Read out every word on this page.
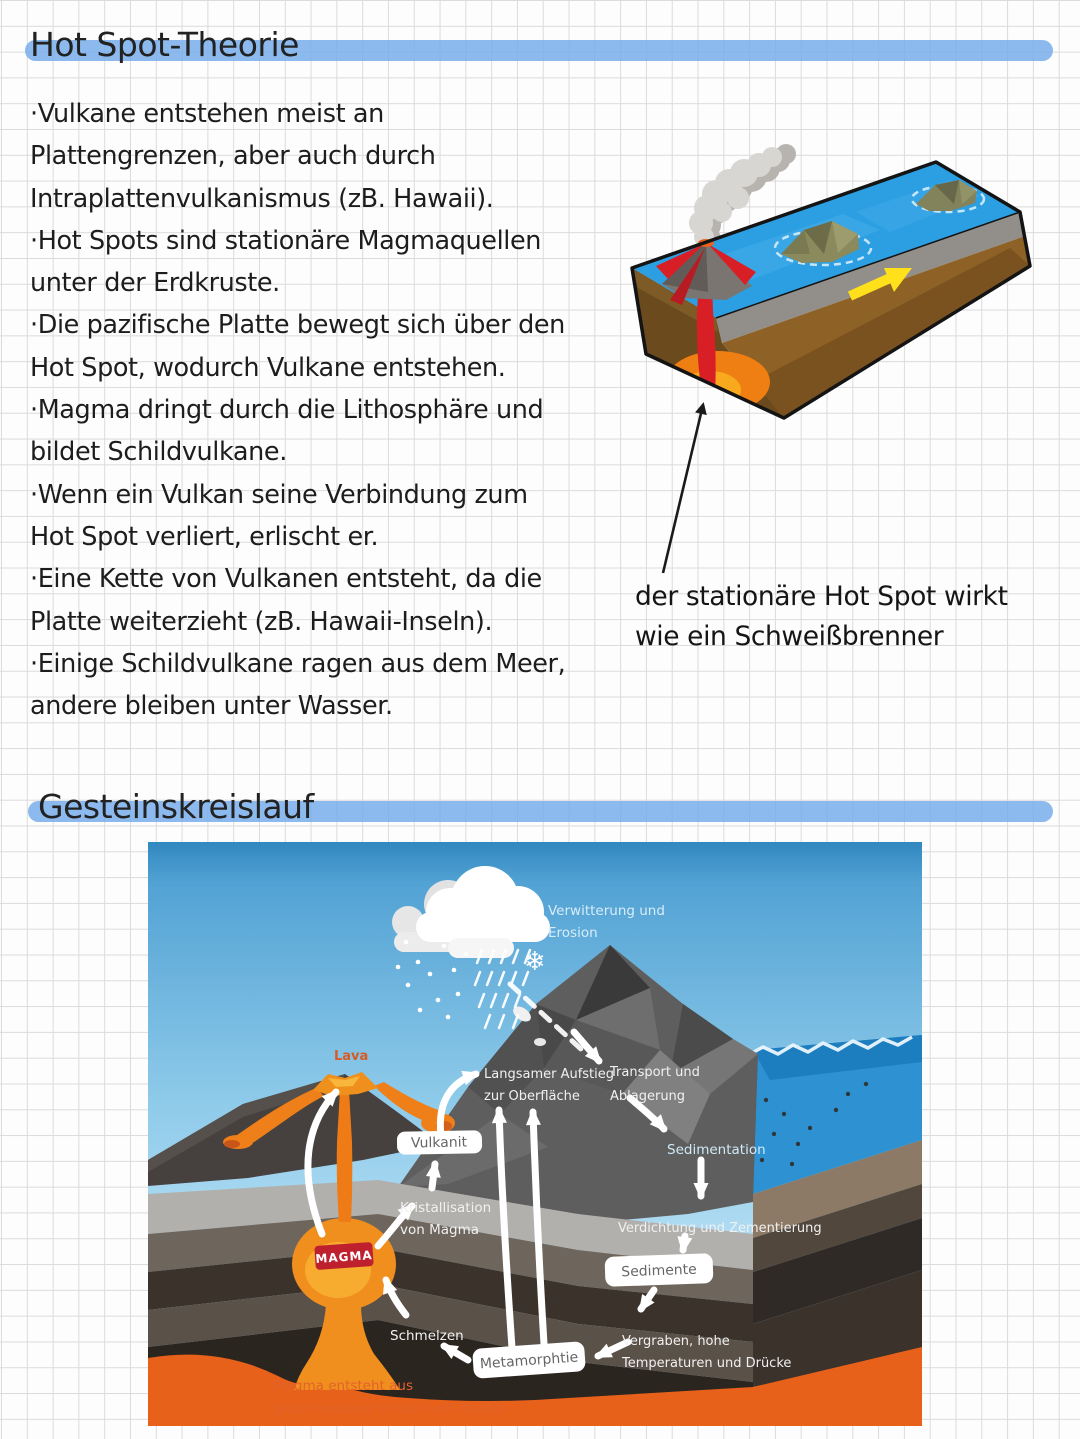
Hot Spot-Theorie
·Vulkane entstehen meist an
Plattengrenzen, aber auch durch
Intraplattenvulkanismus (zB. Hawaii).
·Hot Spots sind stationäre Magmaquellen
unter der Erdkruste.
·Die pazifische Platte bewegt sich über den
Hot Spot, wodurch Vulkane entstehen.
·Magma dringt durch die Lithosphäre und
bildet Schildvulkane.
·Wenn ein Vulkan seine Verbindung zum
Hot Spot verliert, erlischt er.
·Eine Kette von Vulkanen entsteht, da die
Platte weiterzieht (zB. Hawaii-Inseln).
·Einige Schildvulkane ragen aus dem Meer,
andere bleiben unter Wasser.
der stationäre Hot Spot wirkt
wie ein Schweißbrenner
Gesteinskreislauf
❄
Vulkanit
Sedimente
Metamorphtie
MAGMA
Verwitterung und
Erosion
Lava
Langsamer Aufstieg
zur Oberfläche
Transport und
Ablagerung
Sedimentation
Kristallisation
von Magma	Verdichtung und Zementierung
Schmelzen	Vergraben, hohe
Temperaturen und Drücke
Magma entsteht aus
geschmolzener Kruste und Mantel
